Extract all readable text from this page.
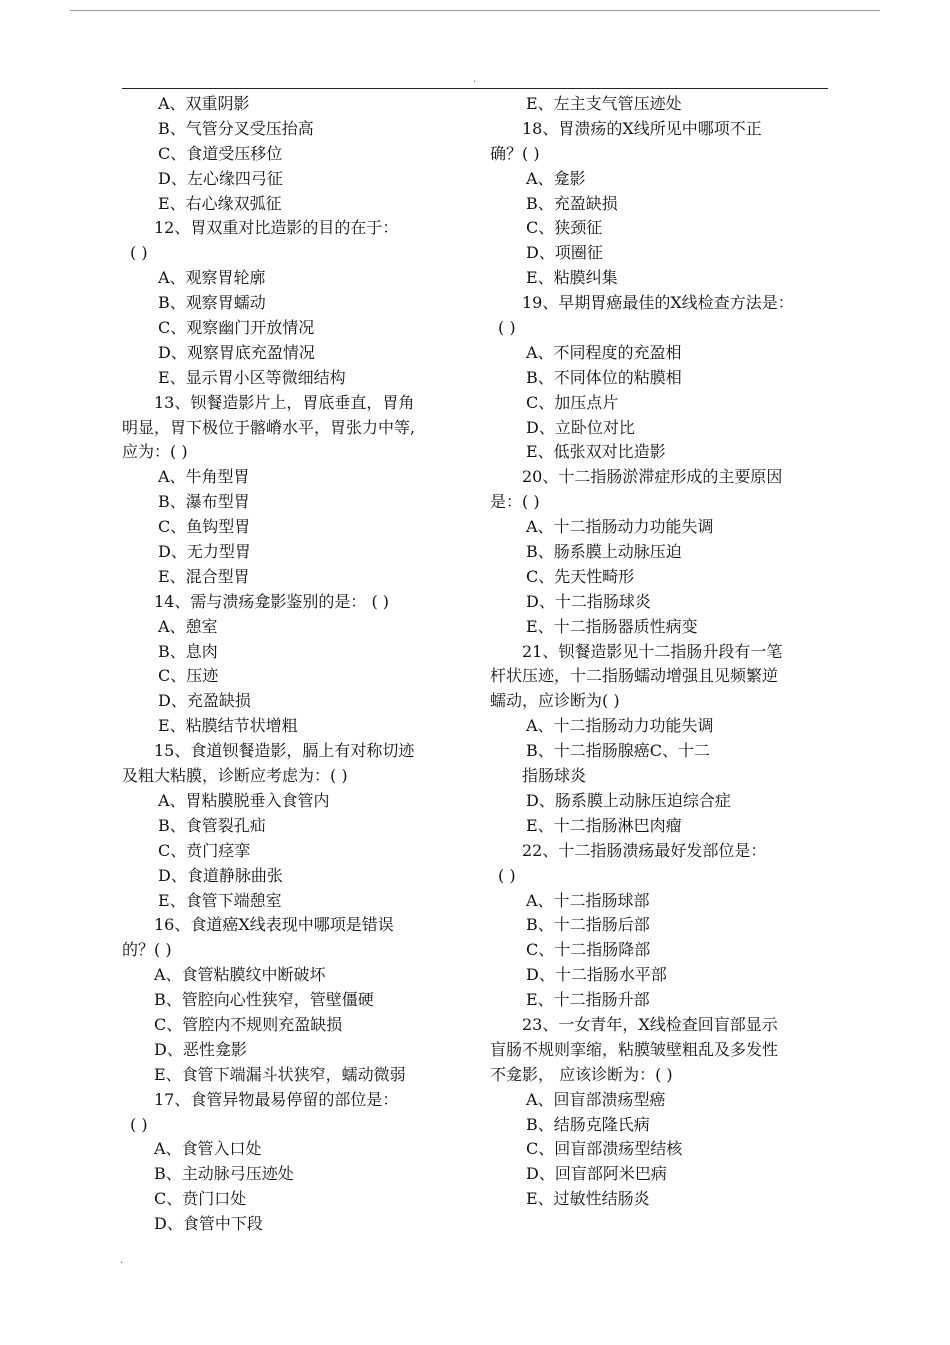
.
A、双重阴影
B、气管分叉受压抬高
C、食道受压移位
D、左心缘四弓征
E、右心缘双弧征
12、胃双重对比造影的目的在于：
( )
A、观察胃轮廓
B、观察胃蠕动
C、观察幽门开放情况
D、观察胃底充盈情况
E、显示胃小区等微细结构
13、钡餐造影片上，胃底垂直，胃角
明显，胃下极位于髂嵴水平，胃张力中等,
应为：( )
A、牛角型胃
B、瀑布型胃
C、鱼钩型胃
D、无力型胃
E、混合型胃
14、需与溃疡龛影鉴别的是： ( )
A、憩室
B、息肉
C、压迹
D、充盈缺损
E、粘膜结节状增粗
15、食道钡餐造影，膈上有对称切迹
及粗大粘膜，诊断应考虑为：( )
A、胃粘膜脱垂入食管内
B、食管裂孔疝
C、贲门痉挛
D、食道静脉曲张
E、食管下端憩室
16、食道癌X线表现中哪项是错误
的？( )
A、食管粘膜纹中断破坏
B、管腔向心性狭窄，管壁僵硬
C、管腔内不规则充盈缺损
D、恶性龛影
E、食管下端漏斗状狭窄，蠕动微弱
17、食管异物最易停留的部位是：
( )
A、食管入口处
B、主动脉弓压迹处
C、贲门口处
D、食管中下段
E、左主支气管压迹处
18、胃溃疡的X线所见中哪项不正
确？( )
A、龛影
B、充盈缺损
C、狭颈征
D、项圈征
E、粘膜纠集
19、早期胃癌最佳的X线检查方法是：
( )
A、不同程度的充盈相
B、不同体位的粘膜相
C、加压点片
D、立卧位对比
E、低张双对比造影
20、十二指肠淤滞症形成的主要原因
是：( )
A、十二指肠动力功能失调
B、肠系膜上动脉压迫
C、先天性畸形
D、十二指肠球炎
E、十二指肠器质性病变
21、钡餐造影见十二指肠升段有一笔
杆状压迹，十二指肠蠕动增强且见频繁逆
蠕动，应诊断为( )
A、十二指肠动力功能失调
B、十二指肠腺癌C、十二
指肠球炎
D、肠系膜上动脉压迫综合症
E、十二指肠淋巴肉瘤
22、十二指肠溃疡最好发部位是：
( )
A、十二指肠球部
B、十二指肠后部
C、十二指肠降部
D、十二指肠水平部
E、十二指肠升部
23、一女青年，X线检查回盲部显示
盲肠不规则挛缩，粘膜皱壁粗乱及多发性
不龛影， 应该诊断为：( )
A、回盲部溃疡型癌
B、结肠克隆氏病
C、回盲部溃疡型结核
D、回盲部阿米巴病
E、过敏性结肠炎
.
